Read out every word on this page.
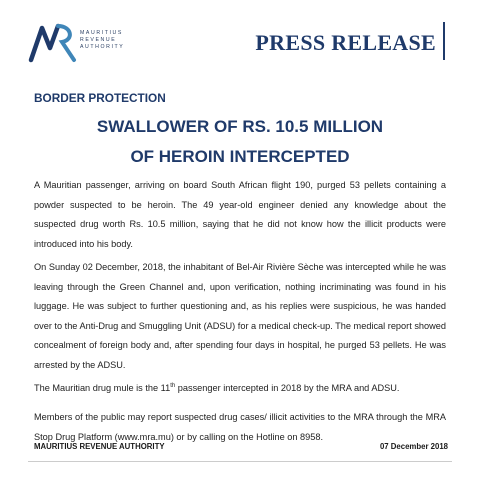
MAURITIUS
REVENUE
AUTHORITY	PRESS RELEASE
BORDER PROTECTION
SWALLOWER OF RS. 10.5 MILLION
OF HEROIN INTERCEPTED
A Mauritian passenger, arriving on board South African flight 190, purged 53 pellets containing a powder suspected to be heroin. The 49 year-old engineer denied any knowledge about the suspected drug worth Rs. 10.5 million, saying that he did not know how the illicit products were introduced into his body.
On Sunday 02 December, 2018, the inhabitant of Bel-Air Rivière Sèche was intercepted while he was leaving through the Green Channel and, upon verification, nothing incriminating was found in his luggage. He was subject to further questioning and, as his replies were suspicious, he was handed over to the Anti-Drug and Smuggling Unit (ADSU) for a medical check-up. The medical report showed concealment of foreign body and, after spending four days in hospital, he purged 53 pellets. He was arrested by the ADSU.
The Mauritian drug mule is the 11th passenger intercepted in 2018 by the MRA and ADSU.
Members of the public may report suspected drug cases/ illicit activities to the MRA through the MRA Stop Drug Platform (www.mra.mu) or by calling on the Hotline on 8958.
MAURITIUS REVENUE AUTHORITY	07 December 2018
